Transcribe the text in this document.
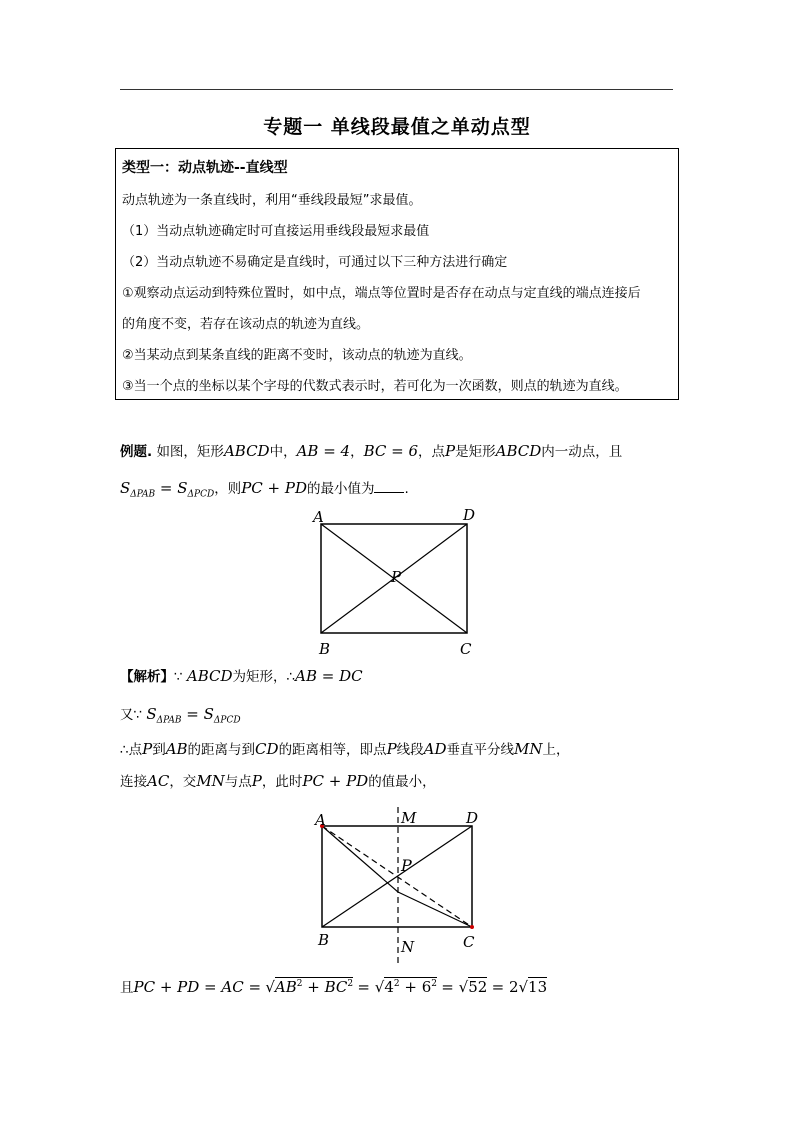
专题一 单线段最值之单动点型
类型一：动点轨迹--直线型
动点轨迹为一条直线时，利用“垂线段最短”求最值。
（1）当动点轨迹确定时可直接运用垂线段最短求最值
（2）当动点轨迹不易确定是直线时，可通过以下三种方法进行确定
①观察动点运动到特殊位置时，如中点，端点等位置时是否存在动点与定直线的端点连接后
的角度不变，若存在该动点的轨迹为直线。
②当某动点到某条直线的距离不变时，该动点的轨迹为直线。
③当一个点的坐标以某个字母的代数式表示时，若可化为一次函数，则点的轨迹为直线。
例题. 如图，矩形ABCD中，AB = 4，BC = 6，点P是矩形ABCD内一动点，且
$S_{\Delta PAB} = S_{\Delta PCD}$，则PC + PD的最小值为 .
A	D
B	C
P
【解析】∵ ABCD为矩形，∴AB = DC
又∵ $S_{\Delta PAB} = S_{\Delta PCD}$
∴点P到AB的距离与到CD的距离相等，即点P线段AD垂直平分线MN上，
连接AC，交MN与点P，此时PC + PD的值最小，
A	D
B	C
P
M
N
且PC + PD = AC = $√AB^2 + BC^2 = √4^2 + 6^2 = √52 = 2√13$
